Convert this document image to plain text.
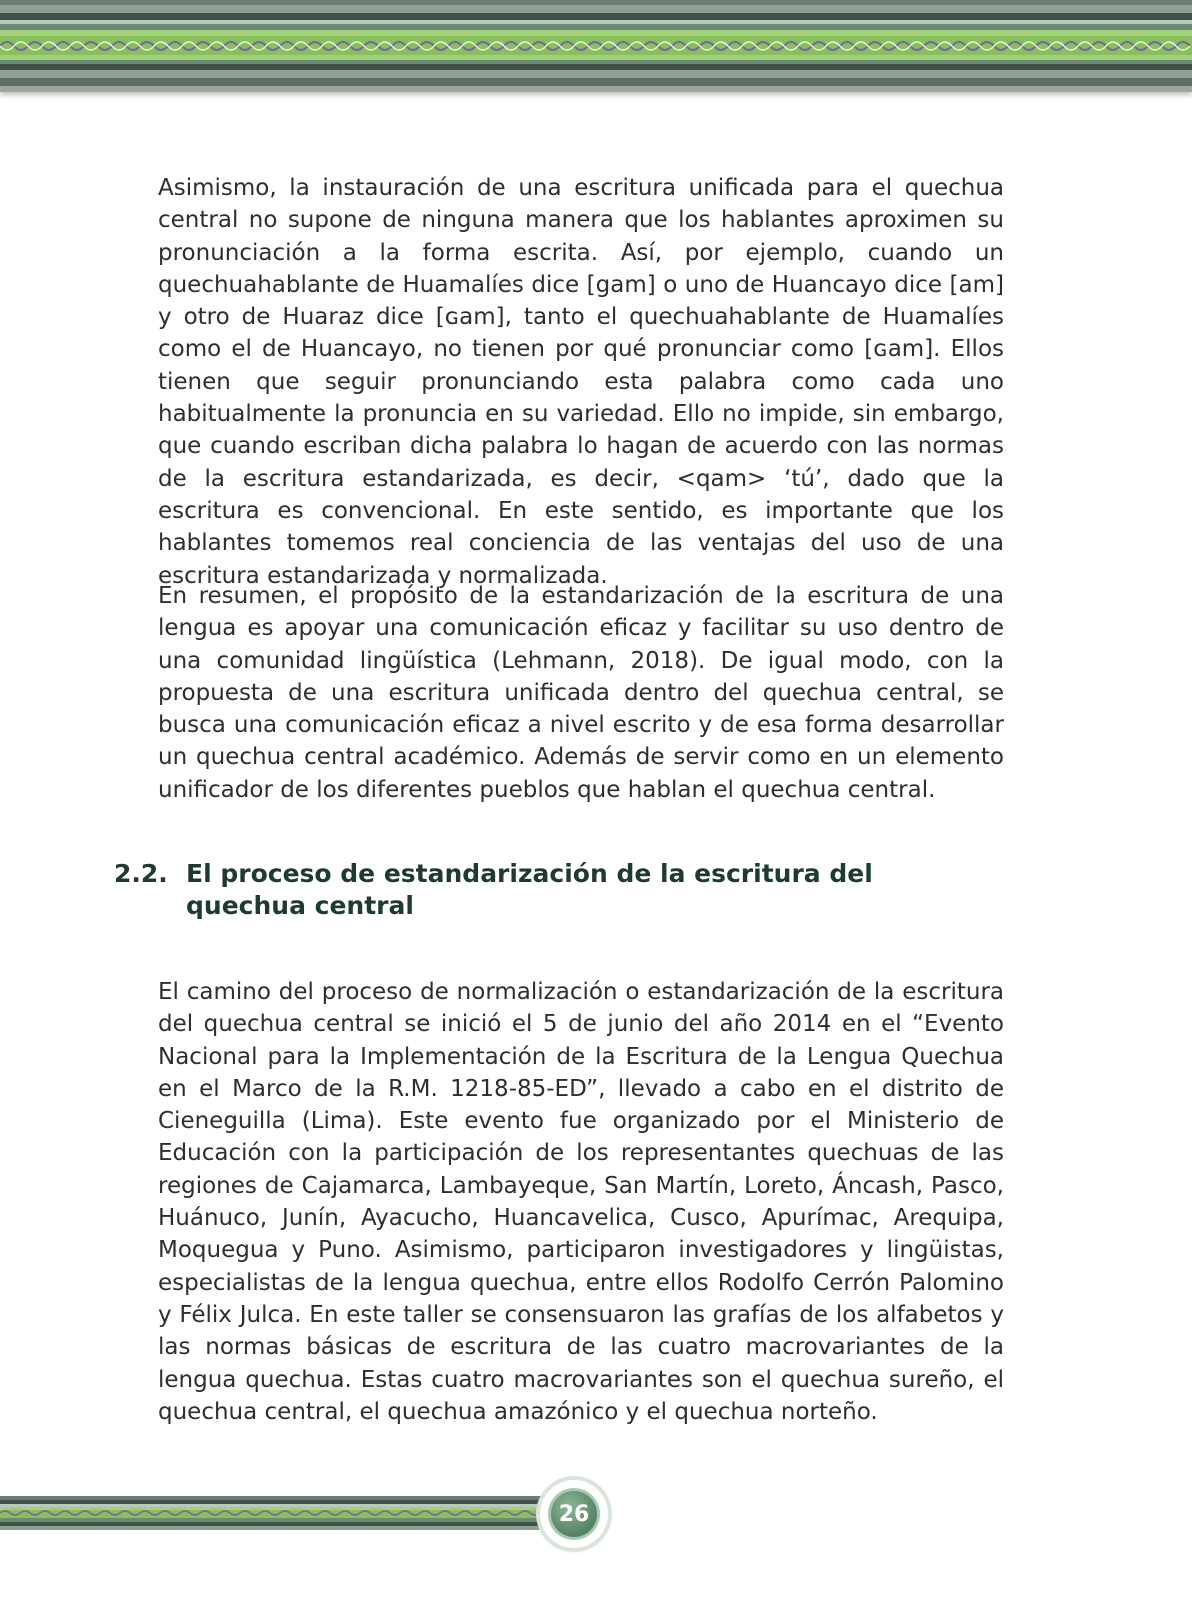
Asimismo, la instauración de una escritura unificada para el quechua central no supone de ninguna manera que los hablantes aproximen su pronunciación a la forma escrita. Así, por ejemplo, cuando un quechuahablante de Huamalíes dice [gam] o uno de Huancayo dice [am] y otro de Huaraz dice [ɢam], tanto el quechuahablante de Huamalíes como el de Huancayo, no tienen por qué pronunciar como [ɢam]. Ellos tienen que seguir pronunciando esta palabra como cada uno habitualmente la pronuncia en su variedad. Ello no impide, sin embargo, que cuando escriban dicha palabra lo hagan de acuerdo con las normas de la escritura estandarizada, es decir, <qam> ‘tú’, dado que la escritura es convencional. En este sentido, es importante que los hablantes tomemos real conciencia de las ventajas del uso de una escritura estandarizada y normalizada.

En resumen, el propósito de la estandarización de la escritura de una lengua es apoyar una comunicación eficaz y facilitar su uso dentro de una comunidad lingüística (Lehmann, 2018). De igual modo, con la propuesta de una escritura unificada dentro del quechua central, se busca una comunicación eficaz a nivel escrito y de esa forma desarrollar un quechua central académico. Además de servir como en un elemento unificador de los diferentes pueblos que hablan el quechua central.

2.2. El proceso de estandarización de la escritura del quechua central

El camino del proceso de normalización o estandarización de la escritura del quechua central se inició el 5 de junio del año 2014 en el “Evento Nacional para la Implementación de la Escritura de la Lengua Quechua en el Marco de la R.M. 1218-85-ED”, llevado a cabo en el distrito de Cieneguilla (Lima). Este evento fue organizado por el Ministerio de Educación con la participación de los representantes quechuas de las regiones de Cajamarca, Lambayeque, San Martín, Loreto, Áncash, Pasco, Huánuco, Junín, Ayacucho, Huancavelica, Cusco, Apurímac, Arequipa, Moquegua y Puno. Asimismo, participaron investigadores y lingüistas, especialistas de la lengua quechua, entre ellos Rodolfo Cerrón Palomino y Félix Julca. En este taller se consensuaron las grafías de los alfabetos y las normas básicas de escritura de las cuatro macrovariantes de la lengua quechua. Estas cuatro macrovariantes son el quechua sureño, el quechua central, el quechua amazónico y el quechua norteño.

26
